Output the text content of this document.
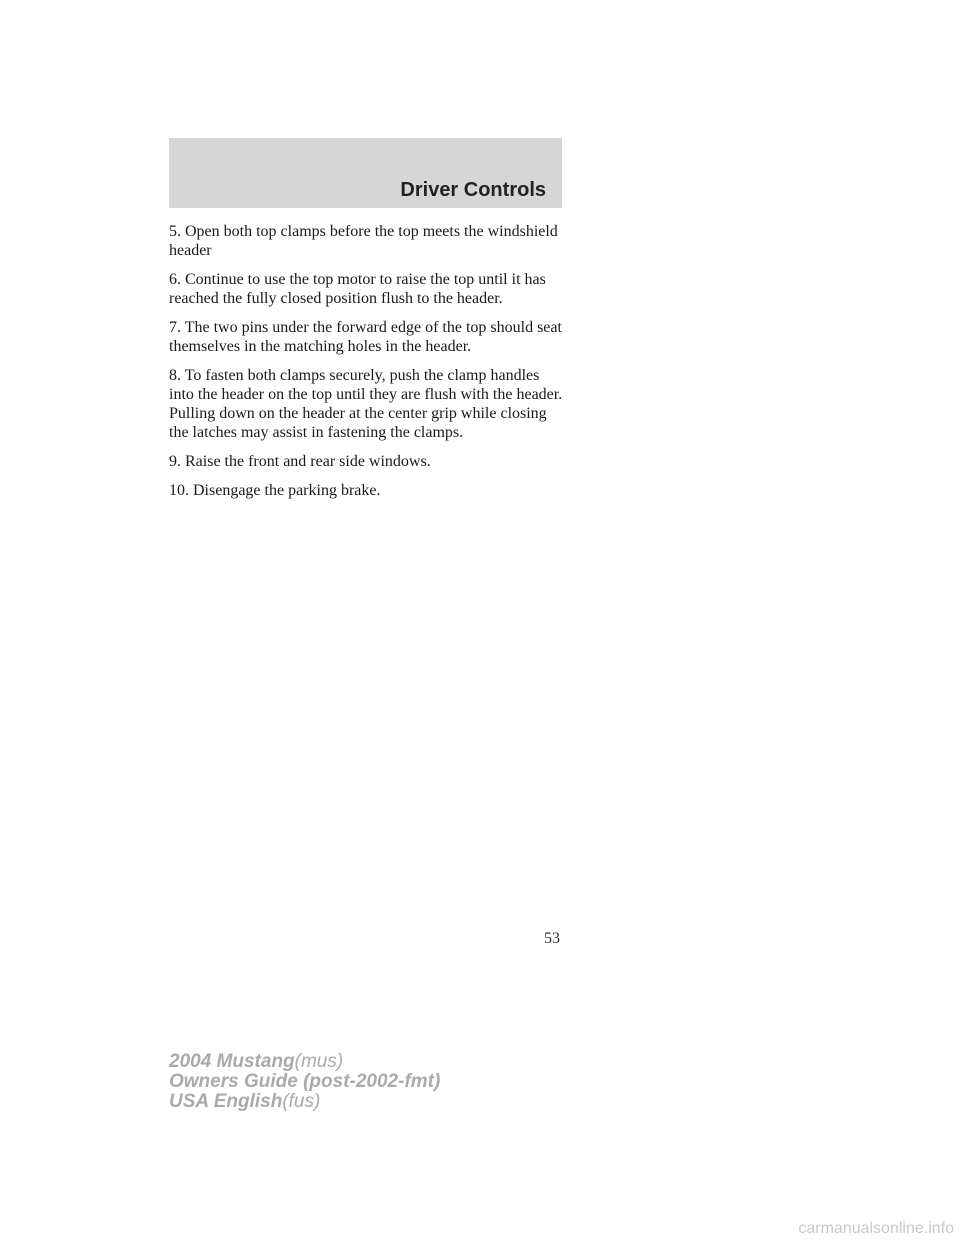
Driver Controls

5. Open both top clamps before the top meets the windshield header

6. Continue to use the top motor to raise the top until it has reached the fully closed position flush to the header.

7. The two pins under the forward edge of the top should seat themselves in the matching holes in the header.

8. To fasten both clamps securely, push the clamp handles into the header on the top until they are flush with the header. Pulling down on the header at the center grip while closing the latches may assist in fastening the clamps.

9. Raise the front and rear side windows.

10. Disengage the parking brake.

53
2004 Mustang(mus)
Owners Guide (post-2002-fmt)
USA English(fus)
carmanualsonline.info
